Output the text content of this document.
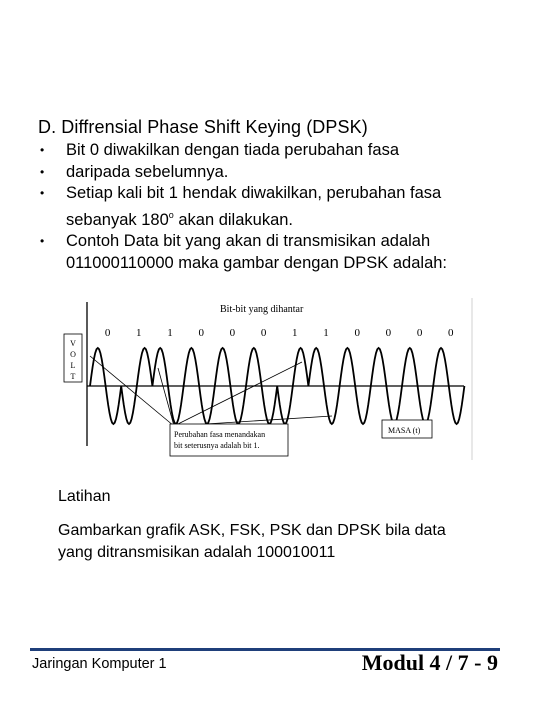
D. Diffrensial Phase Shift Keying (DPSK)
• Bit 0 diwakilkan dengan tiada perubahan fasa
• daripada sebelumnya.
• Setiap kali bit 1 hendak diwakilkan, perubahan fasa
sebanyak 180$^o$ akan dilakukan.
• Contoh Data bit yang akan di transmisikan adalah
011000110000 maka gambar dengan DPSK adalah:
Bit-bit yang dihantar
0 1 1 0 0 0 1 1 0 0 0 0
V
O
L
T
Perubahan fasa menandakan
bit seterusnya adalah bit 1.
MASA (t)
Latihan
Gambarkan grafik ASK, FSK, PSK dan DPSK bila data yang ditransmisikan adalah 100010011
Jaringan Komputer 1	Modul 4 / 7 - 9
